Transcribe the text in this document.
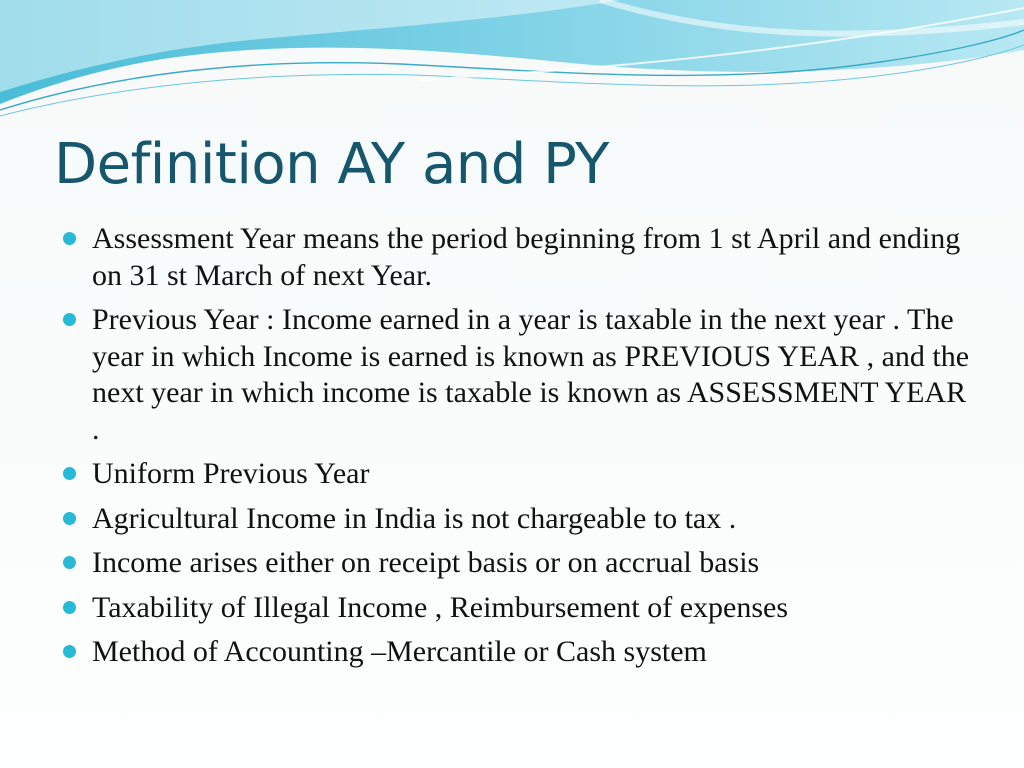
Definition AY and PY
Assessment Year means the period beginning from 1 st April and ending on 31 st March of next Year.
Previous Year : Income earned in a year is taxable in the next year . The year in which Income is earned is known as PREVIOUS YEAR , and the next year in which income is taxable is known as ASSESSMENT YEAR .
Uniform Previous Year
Agricultural Income in India is not chargeable to tax .
Income arises either on receipt basis or on accrual basis
Taxability of Illegal Income , Reimbursement of expenses
Method of Accounting –Mercantile or Cash system
